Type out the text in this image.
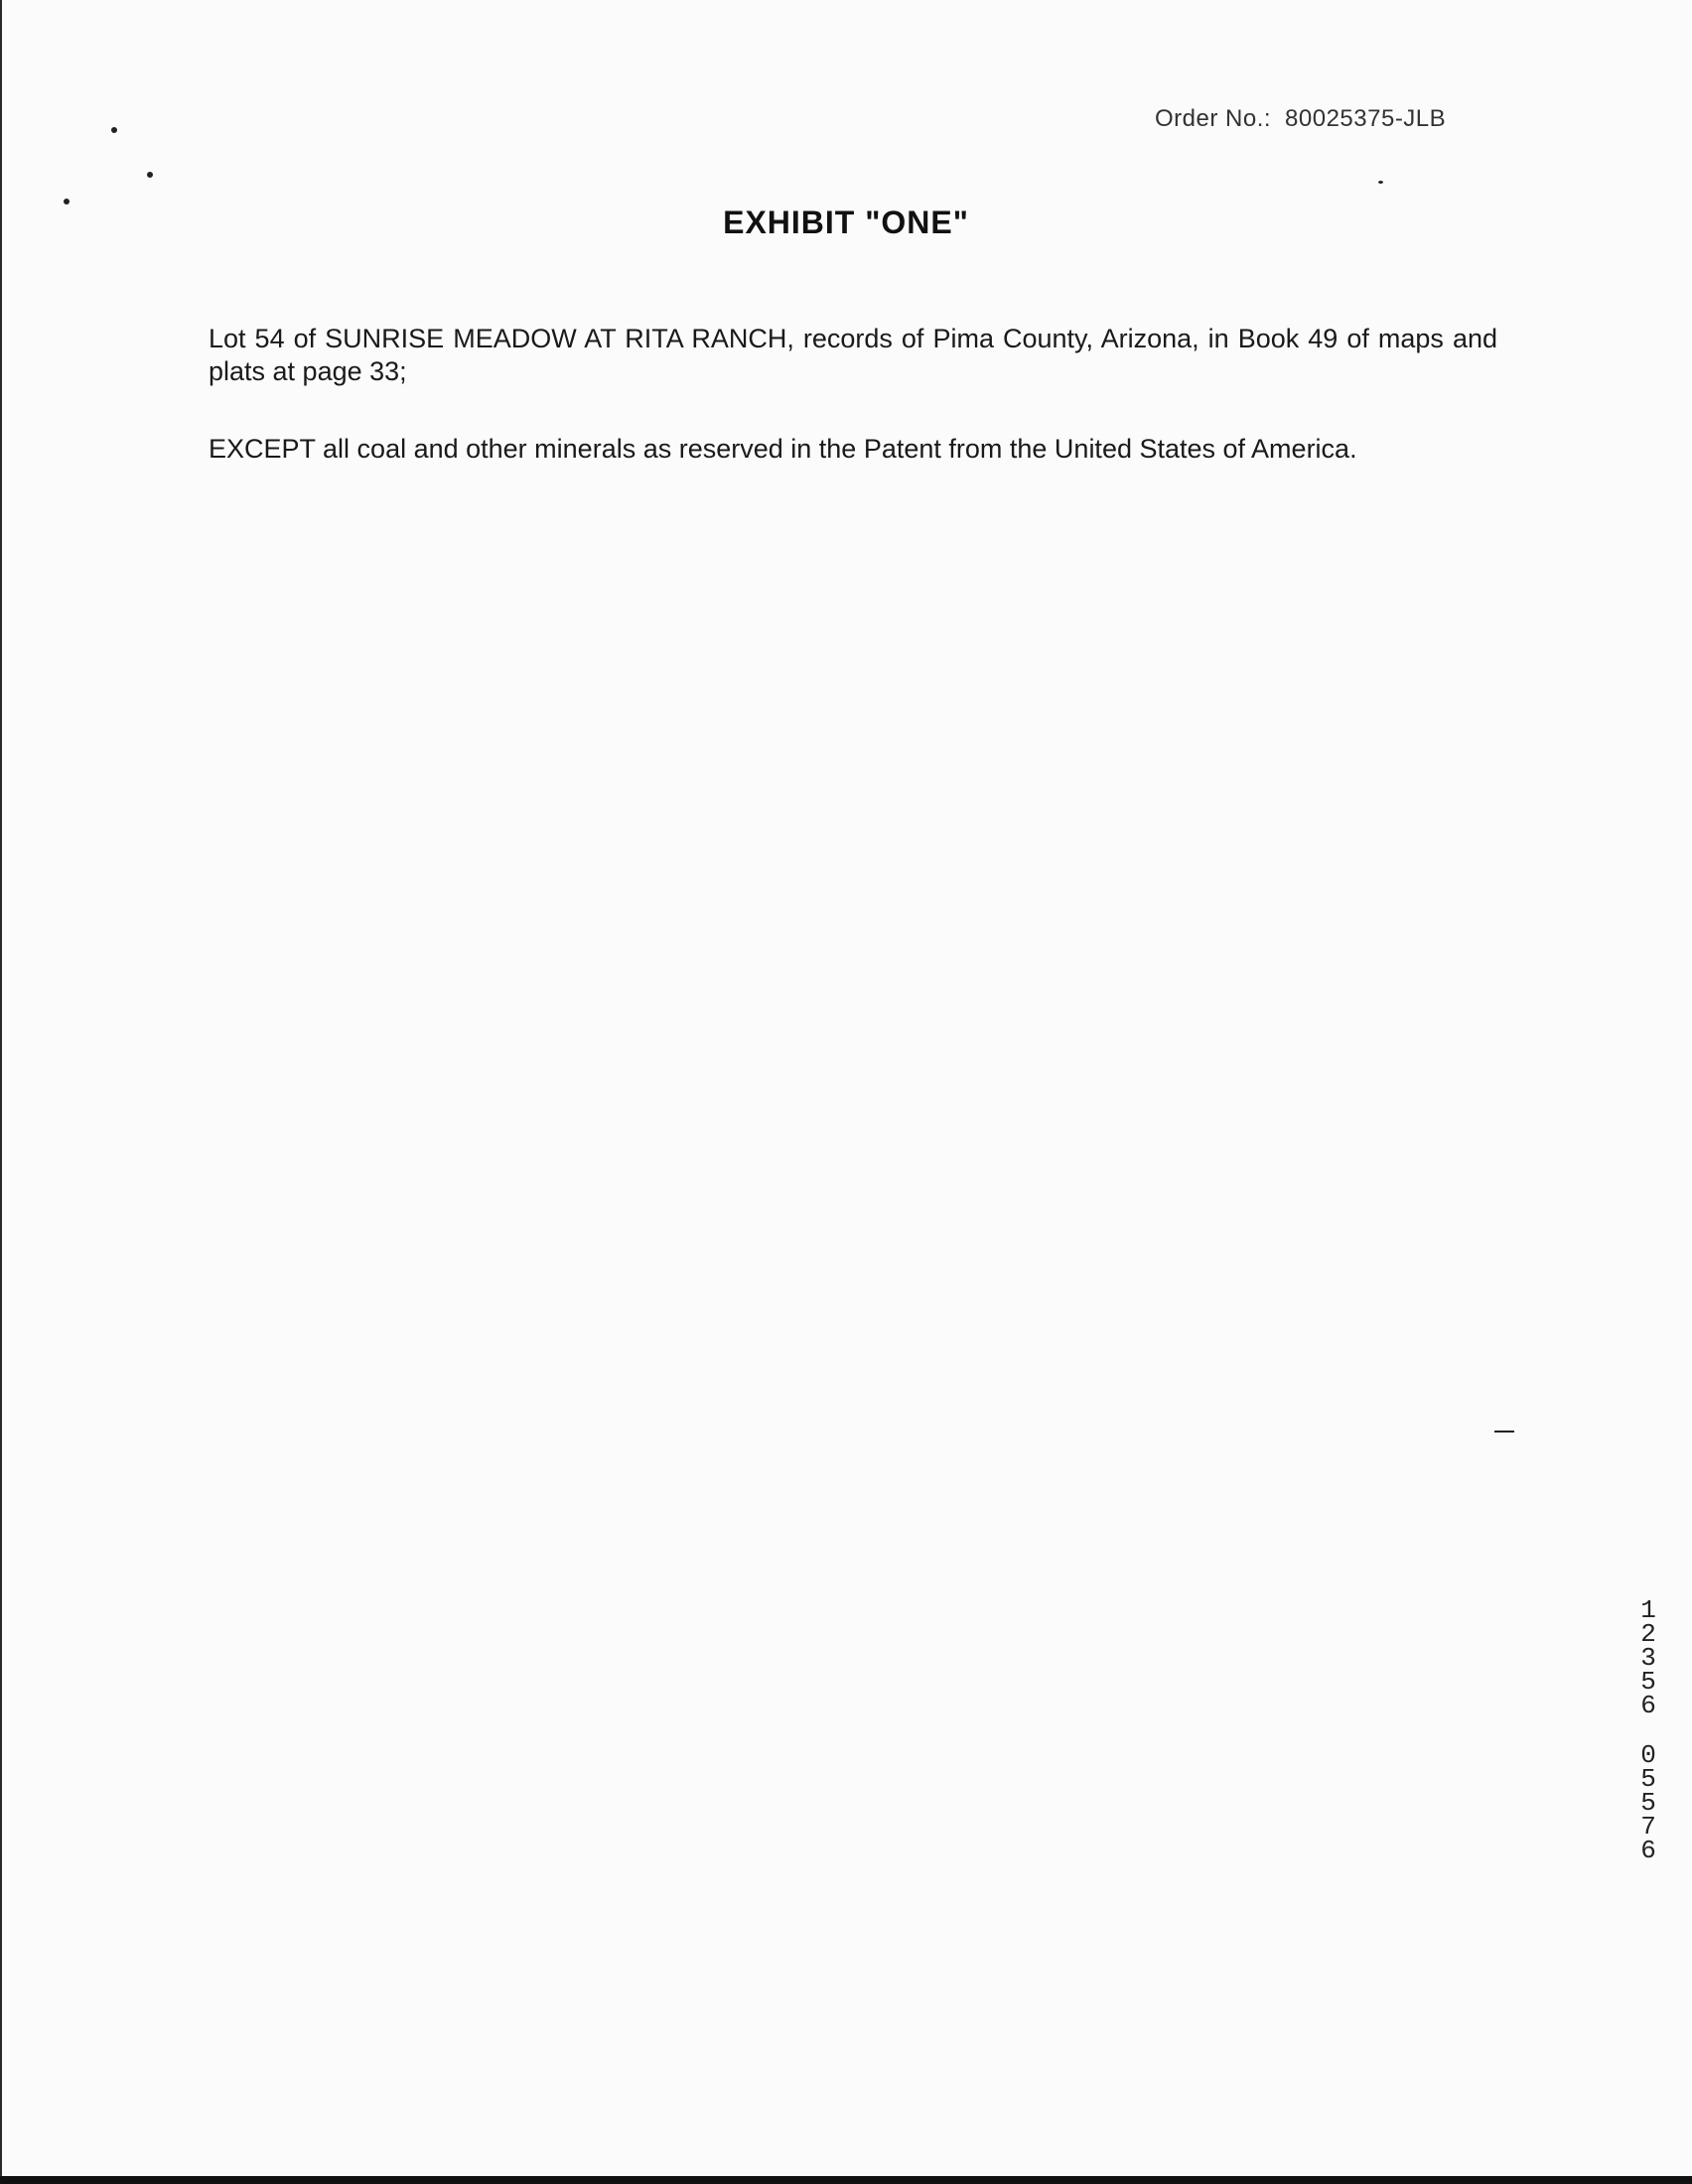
Order No.: 80025375-JLB
EXHIBIT "ONE"
Lot 54 of SUNRISE MEADOW AT RITA RANCH, records of Pima County, Arizona, in Book 49 of maps and plats at page 33;
EXCEPT all coal and other minerals as reserved in the Patent from the United States of America.
12356
05576
